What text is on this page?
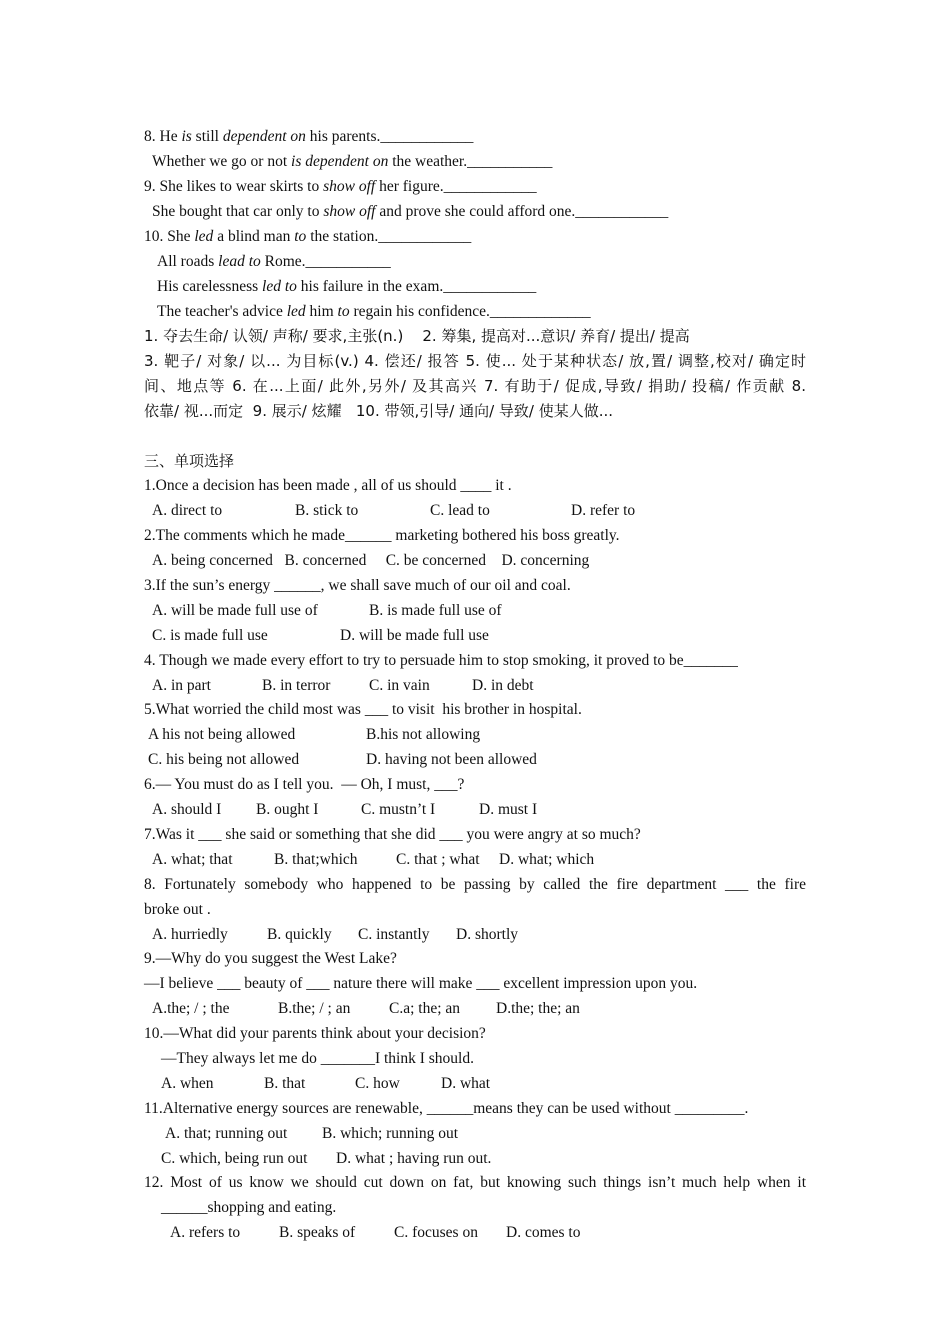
8. He is still dependent on his parents.____________
Whether we go or not is dependent on the weather.___________
9. She likes to wear skirts to show off her figure.____________
She bought that car only to show off and prove she could afford one.____________
10. She led a blind man to the station.____________
All roads lead to Rome.___________
His carelessness led to his failure in the exam.____________
The teacher's advice led him to regain his confidence._____________
1. 夺去生命/ 认领/ 声称/ 要求,主张(n.)    2. 筹集, 提高对...意识/ 养育/ 提出/ 提高
3. 靶子/ 对象/ 以... 为目标(v.) 4. 偿还/ 报答 5. 使... 处于某种状态/ 放,置/ 调整,校对/ 确定时
间、地点等 6. 在...上面/ 此外,另外/ 及其高兴 7. 有助于/ 促成,导致/ 捐助/ 投稿/ 作贡献 8.
依靠/ 视...而定  9. 展示/ 炫耀   10. 带领,引导/ 通向/ 导致/ 使某人做...
三、单项选择
1.Once a decision has been made , all of us should ____ it .
A. direct to	B. stick to	C. lead to	D. refer to
2.The comments which he made______ marketing bothered his boss greatly.
A. being concerned   B. concerned     C. be concerned    D. concerning
3.If the sun’s energy ______, we shall save much of our oil and coal.
A. will be made full use of	B. is made full use of
C. is made full use	D. will be made full use
4. Though we made every effort to try to persuade him to stop smoking, it proved to be_______
A. in part	B. in terror C. in vain	D. in debt
5.What worried the child most was ___ to visit  his brother in hospital.
A his not being allowed	B.his not allowing
C. his being not allowed	D. having not been allowed
6.— You must do as I tell you.  — Oh, I must, ___?
A. should I B. ought I	C. mustn’t I	D. must I
7.Was it ___ she said or something that she did ___ you were angry at so much?
A. what; that	B. that;which C. that ; what D. what; which
8. Fortunately somebody who happened to be passing by called the fire department ___ the fire
broke out .
A. hurriedly	B. quickly C. instantly D. shortly
9.—Why do you suggest the West Lake?
—I believe ___ beauty of ___ nature there will make ___ excellent impression upon you.
A.the; / ; the	B.the; / ; an C.a; the; an D.the; the; an
10.—What did your parents think about your decision?
—They always let me do _______I think I should.
A. when	B. that	C. how	D. what
11.Alternative energy sources are renewable, ______means they can be used without _________.
A. that; running out B. which; running out
C. which, being run out D. what ; having run out.
12. Most of us know we should cut down on fat, but knowing such things isn’t much help when it
______shopping and eating.
A. refers to	B. speaks of	C. focuses on D. comes to
